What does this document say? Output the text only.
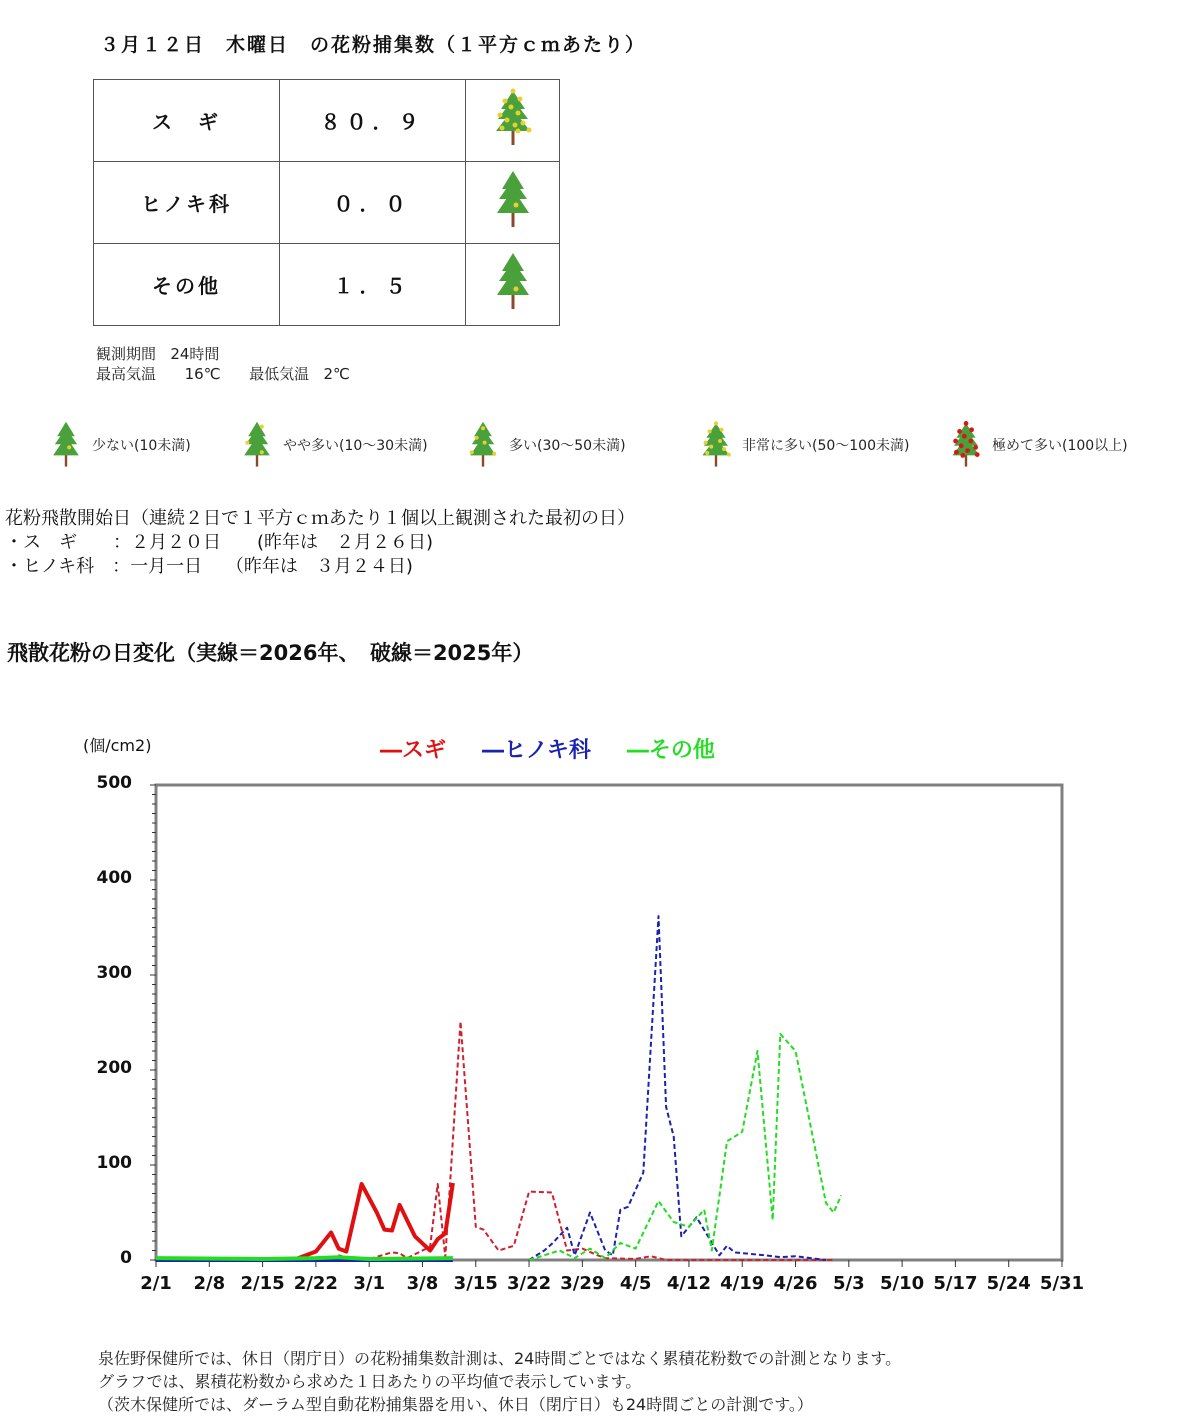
３月１２日　木曜日　の花粉捕集数（１平方ｃｍあたり）
ス　ギ	８０．９	
ヒノキ科	０．０	
その他	１．５	
観測期間 24時間
最高気温 16℃ 最低気温 2℃
少ない(10未満)	やや多い(10～30未満)	多い(30～50未満)	非常に多い(50～100未満)	極めて多い(100以上)
花粉飛散開始日（連続２日で１平方ｃｍあたり１個以上観測された最初の日）
・ス　ギ　　：２月２０日　　(昨年は　２月２６日)
・ヒノキ科　：一月一日　 （昨年は　３月２４日)
飛散花粉の日変化（実線＝2026年、　破線＝2025年）
(個/cm2)	―スギ ―ヒノキ科 ―その他
0
100
200
300
400
500
2/1 2/8 2/15 2/22 3/1 3/8 3/15 3/22 3/29 4/5 4/12 4/19 4/26 5/3 5/10 5/17 5/24 5/31
泉佐野保健所では、休日（閉庁日）の花粉捕集数計測は、24時間ごとではなく累積花粉数での計測となります。
グラフでは、累積花粉数から求めた１日あたりの平均値で表示しています。
（茨木保健所では、ダーラム型自動花粉捕集器を用い、休日（閉庁日）も24時間ごとの計測です。）
